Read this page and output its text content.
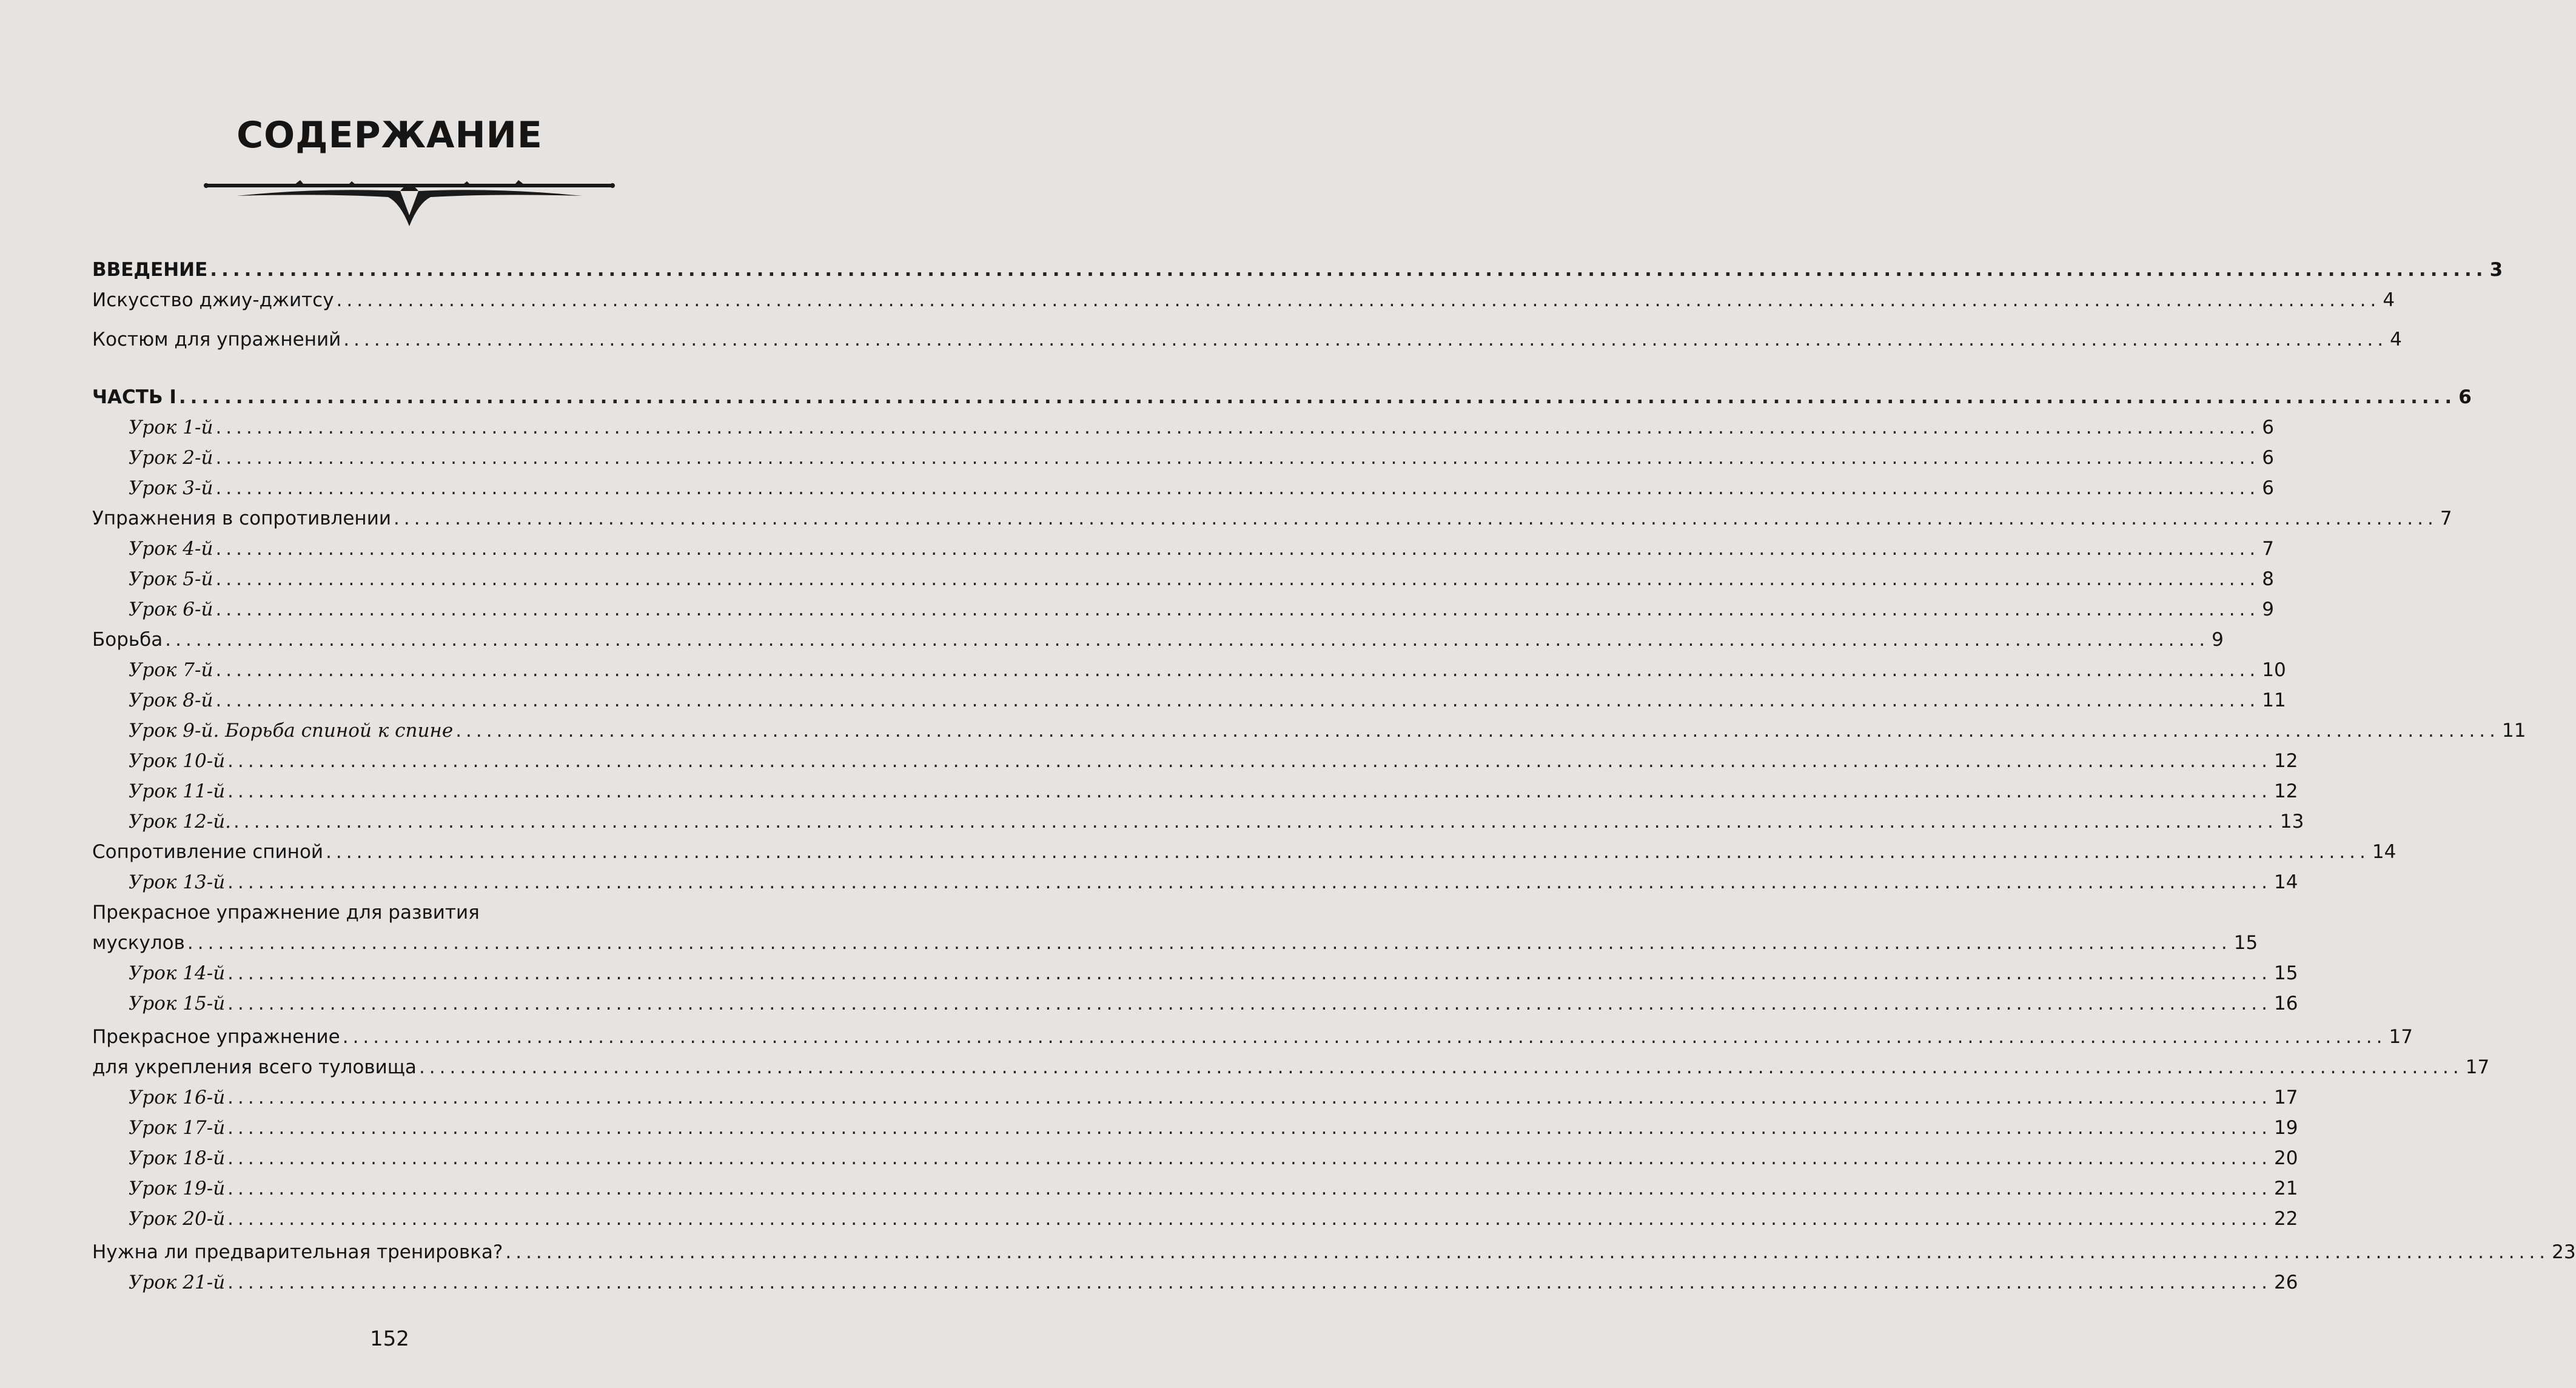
СОДЕРЖАНИЕ
ВВЕДЕНИЕ ........................................................................................................................................................................................................ 3
Искусство джиу-джитсу ........................................................................................................................................................................................................ 4
Костюм для упражнений ........................................................................................................................................................................................................ 4
ЧАСТЬ I ........................................................................................................................................................................................................ 6
Урок 1-й ........................................................................................................................................................................................................ 6
Урок 2-й ........................................................................................................................................................................................................ 6
Урок 3-й ........................................................................................................................................................................................................ 6
Упражнения в сопротивлении ........................................................................................................................................................................................................ 7
Урок 4-й ........................................................................................................................................................................................................ 7
Урок 5-й ........................................................................................................................................................................................................ 8
Урок 6-й ........................................................................................................................................................................................................ 9
Борьба ........................................................................................................................................................................................................ 9
Урок 7-й ........................................................................................................................................................................................................ 10
Урок 8-й ........................................................................................................................................................................................................ 11
Урок 9-й. Борьба спиной к спине ........................................................................................................................................................................................................ 11
Урок 10-й ........................................................................................................................................................................................................ 12
Урок 11-й ........................................................................................................................................................................................................ 12
Урок 12-й. ........................................................................................................................................................................................................ 13
Сопротивление спиной ........................................................................................................................................................................................................ 14
Урок 13-й ........................................................................................................................................................................................................ 14
Прекрасное упражнение для развития
мускулов ........................................................................................................................................................................................................ 15
Урок 14-й ........................................................................................................................................................................................................ 15
Урок 15-й ........................................................................................................................................................................................................ 16
Прекрасное упражнение ........................................................................................................................................................................................................ 17
для укрепления всего туловища ........................................................................................................................................................................................................ 17
Урок 16-й ........................................................................................................................................................................................................ 17
Урок 17-й ........................................................................................................................................................................................................ 19
Урок 18-й ........................................................................................................................................................................................................ 20
Урок 19-й ........................................................................................................................................................................................................ 21
Урок 20-й ........................................................................................................................................................................................................ 22
Нужна ли предварительная тренировка? ........................................................................................................................................................................................................ 23
Урок 21-й ........................................................................................................................................................................................................ 26
152
